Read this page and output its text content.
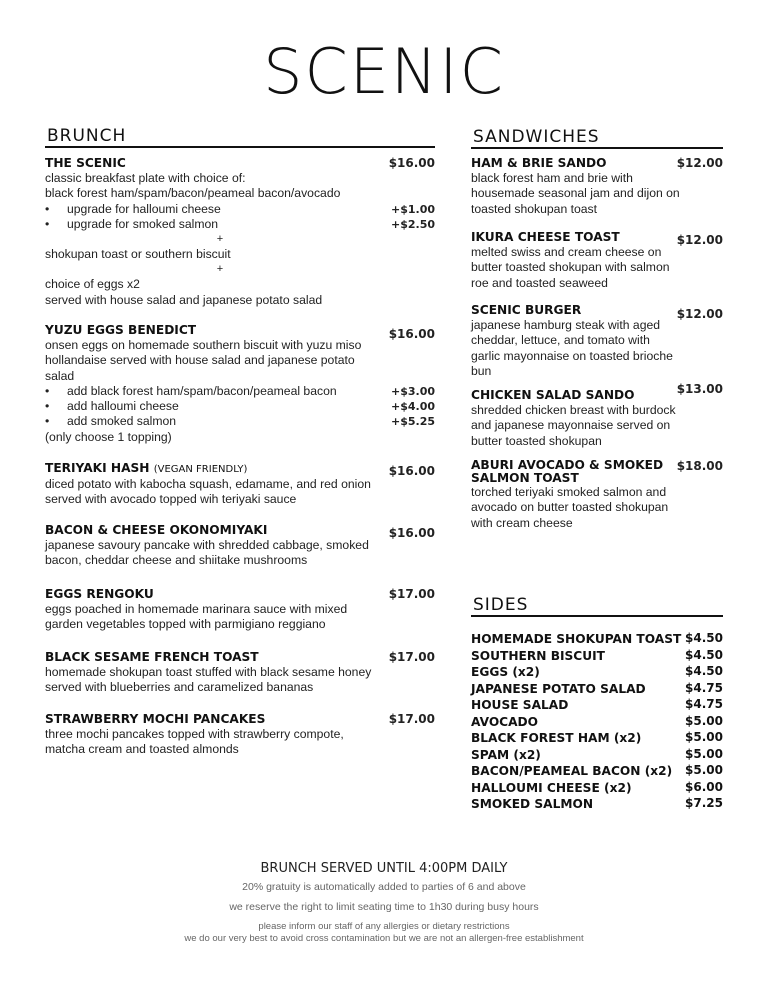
SCENIC
BRUNCH
THE SCENIC	$16.00
classic breakfast plate with choice of:
black forest ham/spam/bacon/peameal bacon/avocado
• upgrade for halloumi cheese	+$1.00
• upgrade for smoked salmon	+$2.50
+
shokupan toast or southern biscuit
+
choice of eggs x2
served with house salad and japanese potato salad
YUZU EGGS BENEDICT	$16.00
onsen eggs on homemade southern biscuit with yuzu miso hollandaise served with house salad and japanese potato salad
• add black forest ham/spam/bacon/peameal bacon	+$3.00
• add halloumi cheese	+$4.00
• add smoked salmon	+$5.25
(only choose 1 topping)
TERIYAKI HASH (VEGAN FRIENDLY)	$16.00
diced potato with kabocha squash, edamame, and red onion served with avocado topped wih teriyaki sauce
BACON & CHEESE OKONOMIYAKI	$16.00
japanese savoury pancake with shredded cabbage, smoked bacon, cheddar cheese and shiitake mushrooms
EGGS RENGOKU	$17.00
eggs poached in homemade marinara sauce with mixed garden vegetables topped with parmigiano reggiano
BLACK SESAME FRENCH TOAST	$17.00
homemade shokupan toast stuffed with black sesame honey served with blueberries and caramelized bananas
STRAWBERRY MOCHI PANCAKES	$17.00
three mochi pancakes topped with strawberry compote, matcha cream and toasted almonds
SANDWICHES
HAM & BRIE SANDO	$12.00
black forest ham and brie with housemade seasonal jam and dijon on toasted shokupan toast
IKURA CHEESE TOAST	$12.00
melted swiss and cream cheese on butter toasted shokupan with salmon roe and toasted seaweed
SCENIC BURGER	$12.00
japanese hamburg steak with aged cheddar, lettuce, and tomato with garlic mayonnaise on toasted brioche bun
CHICKEN SALAD SANDO	$13.00
shredded chicken breast with burdock and japanese mayonnaise served on butter toasted shokupan
ABURI AVOCADO & SMOKED SALMON TOAST
$18.00
torched teriyaki smoked salmon and avocado on butter toasted shokupan with cream cheese
SIDES
HOMEMADE SHOKUPAN TOAST $4.50
SOUTHERN BISCUIT	$4.50
EGGS (x2)	$4.50
JAPANESE POTATO SALAD	$4.75
HOUSE SALAD	$4.75
AVOCADO	$5.00
BLACK FOREST HAM (x2)	$5.00
SPAM (x2)	$5.00
BACON/PEAMEAL BACON (x2) $5.00
HALLOUMI CHEESE (x2)	$6.00
SMOKED SALMON	$7.25
BRUNCH SERVED UNTIL 4:00PM DAILY
20% gratuity is automatically added to parties of 6 and above
we reserve the right to limit seating time to 1h30 during busy hours
please inform our staff of any allergies or dietary restrictions
we do our very best to avoid cross contamination but we are not an allergen-free establishment
